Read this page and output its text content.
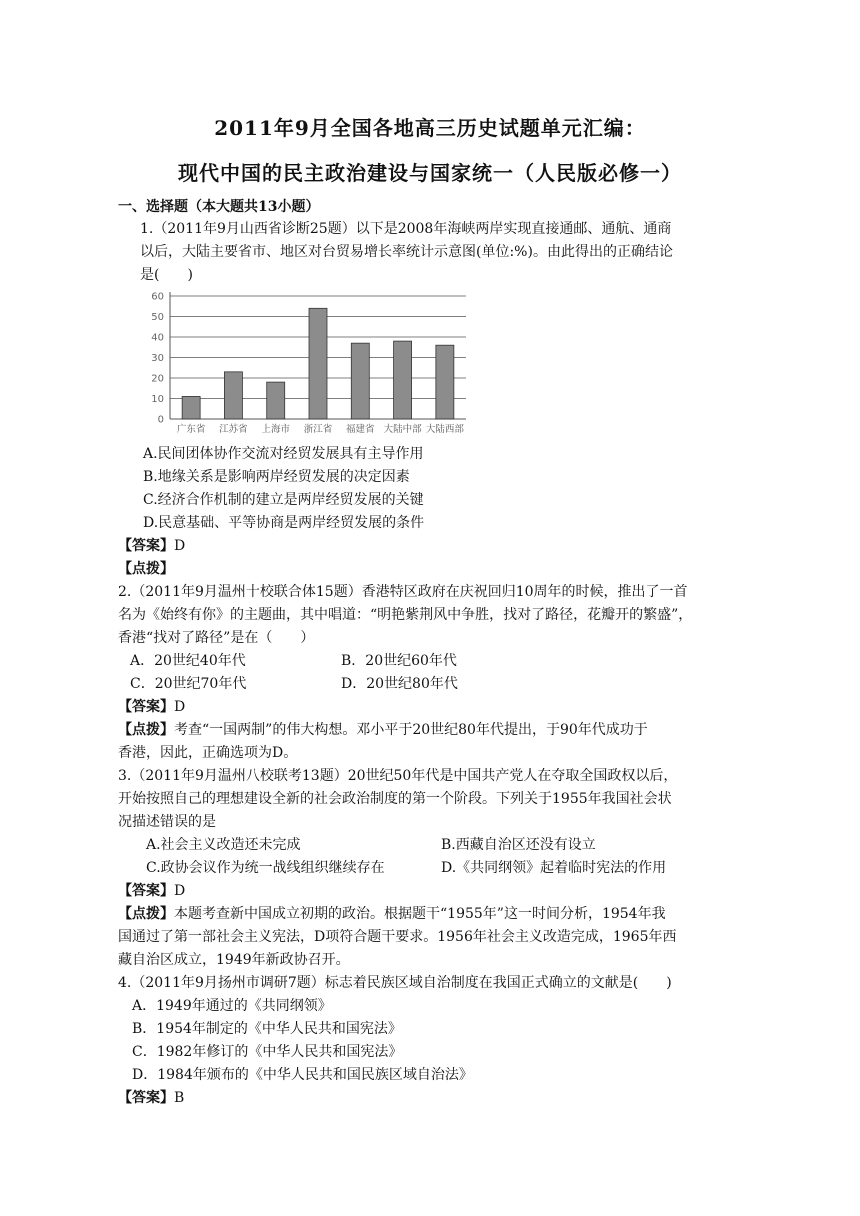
2011年9月全国各地高三历史试题单元汇编：
现代中国的民主政治建设与国家统一（人民版必修一）
一、选择题（本大题共13小题）
1.（2011年9月山西省诊断25题）以下是2008年海峡两岸实现直接通邮、通航、通商
以后，大陆主要省市、地区对台贸易增长率统计示意图(单位:%)。由此得出的正确结论
是(　　)
0
10
20
30
40
50
60
广东省 江苏省 上海市 浙江省 福建省 大陆中部 大陆西部
A.民间团体协作交流对经贸发展具有主导作用
B.地缘关系是影响两岸经贸发展的决定因素
C.经济合作机制的建立是两岸经贸发展的关键
D.民意基础、平等协商是两岸经贸发展的条件
【答案】D
【点拨】
2.（2011年9月温州十校联合体15题）香港特区政府在庆祝回归10周年的时候，推出了一首
名为《始终有你》的主题曲，其中唱道：“明艳紫荆风中争胜，找对了路径，花瓣开的繁盛”，
香港“找对了路径”是在（　　）
A．20世纪40年代	B．20世纪60年代
C．20世纪70年代	D．20世纪80年代
【答案】D
【点拨】考查“一国两制”的伟大构想。邓小平于20世纪80年代提出，于90年代成功于
香港，因此，正确选项为D。
3.（2011年9月温州八校联考13题）20世纪50年代是中国共产党人在夺取全国政权以后，
开始按照自己的理想建设全新的社会政治制度的第一个阶段。下列关于1955年我国社会状
况描述错误的是
A.社会主义改造还未完成	B.西藏自治区还没有设立
C.政协会议作为统一战线组织继续存在	D.《共同纲领》起着临时宪法的作用
【答案】D
【点拨】本题考查新中国成立初期的政治。根据题干“1955年”这一时间分析，1954年我
国通过了第一部社会主义宪法，D项符合题干要求。1956年社会主义改造完成，1965年西
藏自治区成立，1949年新政协召开。
4.（2011年9月扬州市调研7题）标志着民族区域自治制度在我国正式确立的文献是(　　)
A．1949年通过的《共同纲领》
B．1954年制定的《中华人民共和国宪法》
C．1982年修订的《中华人民共和国宪法》
D．1984年颁布的《中华人民共和国民族区域自治法》
【答案】B
